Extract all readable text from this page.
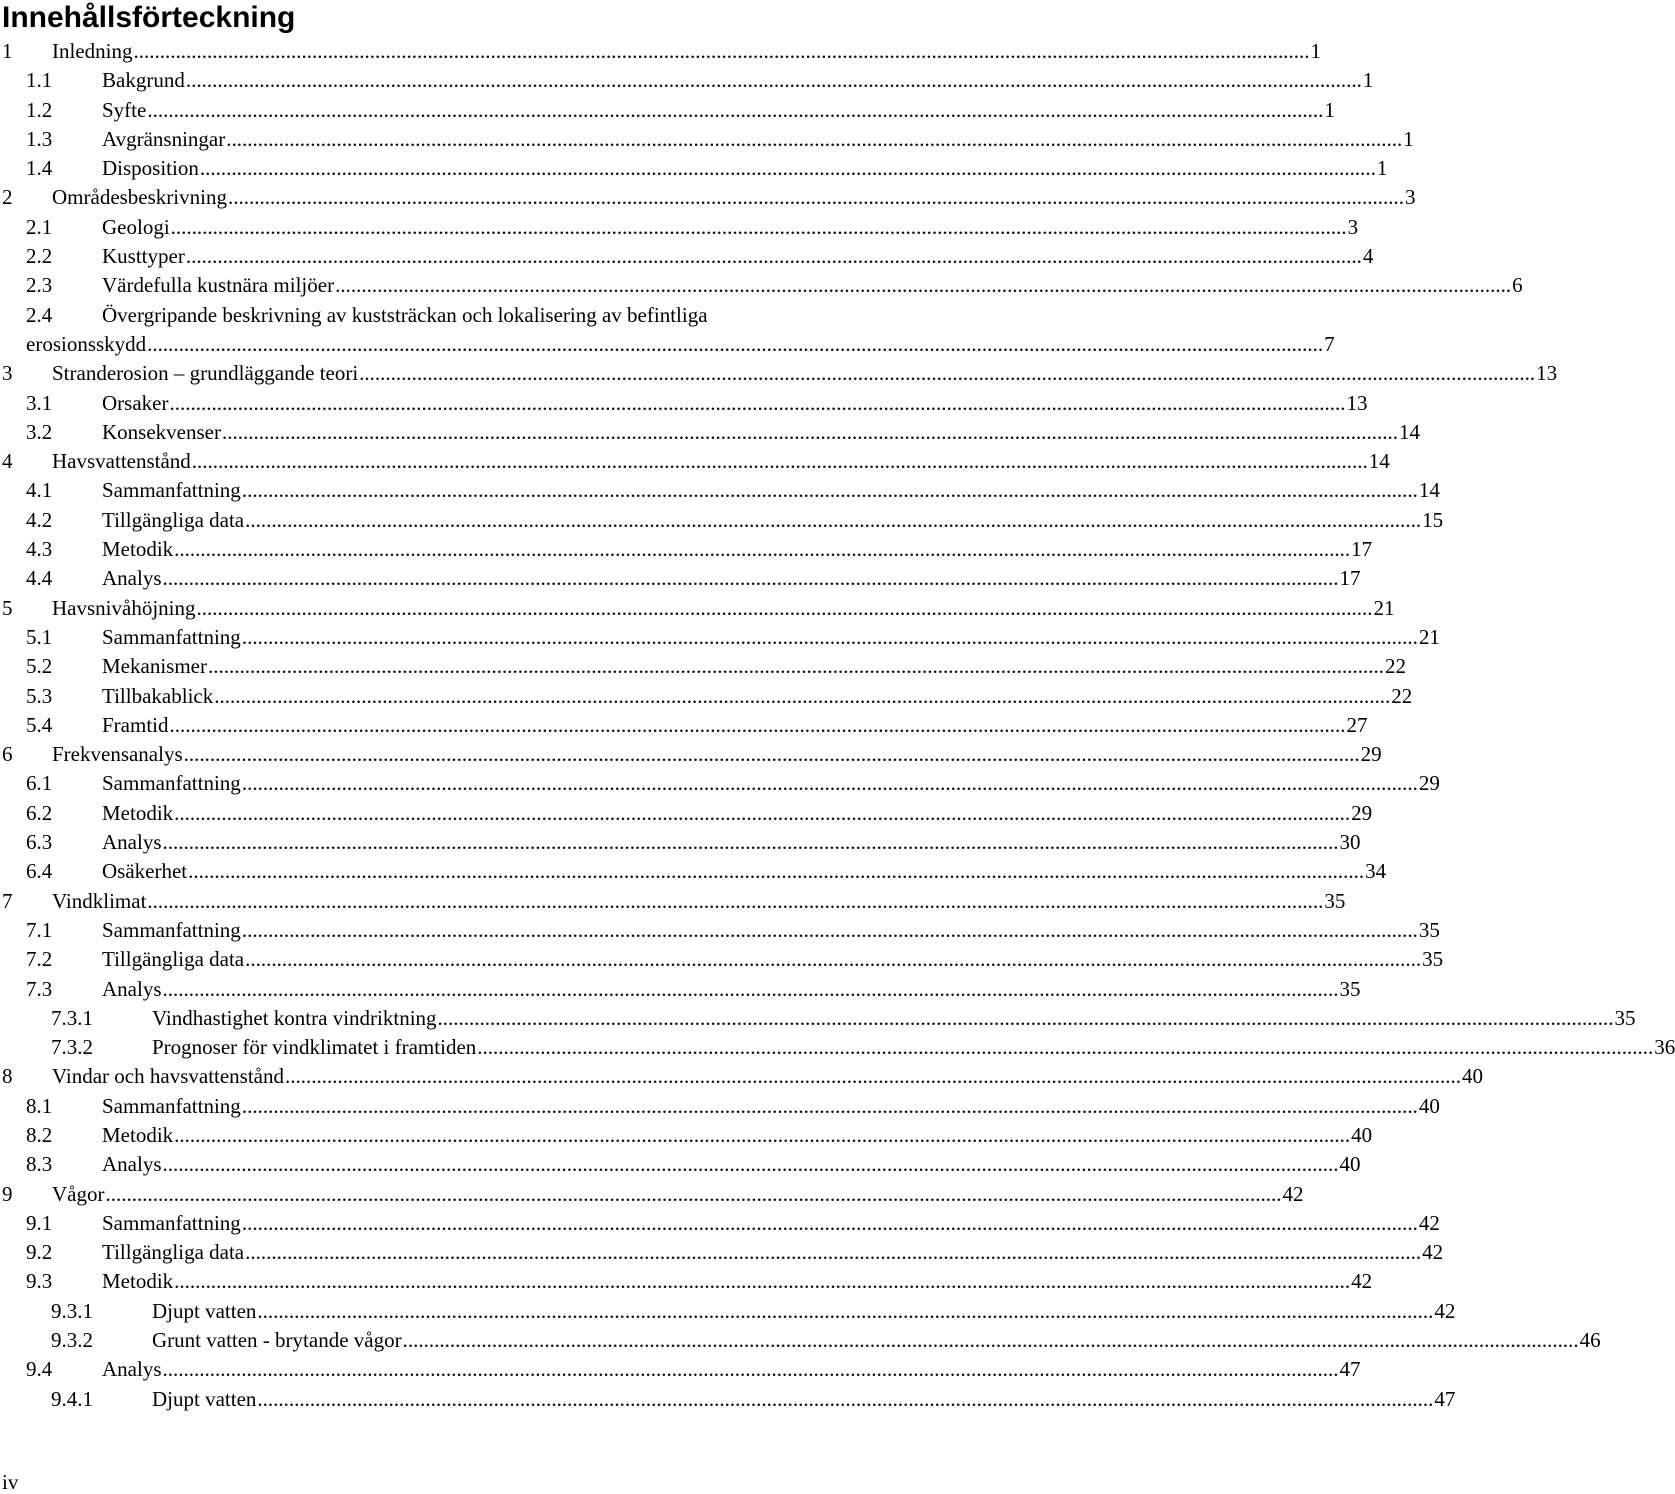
Innehållsförteckning
1 Inledning ................................................................................................................................................................................................................................ 1
1.1 Bakgrund ................................................................................................................................................................................................................................ 1
1.2 Syfte ................................................................................................................................................................................................................................ 1
1.3 Avgränsningar ................................................................................................................................................................................................................................ 1
1.4 Disposition ................................................................................................................................................................................................................................ 1
2 Områdesbeskrivning ................................................................................................................................................................................................................................ 3
2.1 Geologi ................................................................................................................................................................................................................................ 3
2.2 Kusttyper ................................................................................................................................................................................................................................ 4
2.3 Värdefulla kustnära miljöer ................................................................................................................................................................................................................................ 6
2.4 Övergripande beskrivning av kuststräckan och lokalisering av befintliga
erosionsskydd ................................................................................................................................................................................................................................ 7
3 Stranderosion – grundläggande teori ................................................................................................................................................................................................................................ 13
3.1 Orsaker ................................................................................................................................................................................................................................ 13
3.2 Konsekvenser ................................................................................................................................................................................................................................ 14
4 Havsvattenstånd ................................................................................................................................................................................................................................ 14
4.1 Sammanfattning ................................................................................................................................................................................................................................ 14
4.2 Tillgängliga data ................................................................................................................................................................................................................................ 15
4.3 Metodik ................................................................................................................................................................................................................................ 17
4.4 Analys ................................................................................................................................................................................................................................ 17
5 Havsnivåhöjning ................................................................................................................................................................................................................................ 21
5.1 Sammanfattning ................................................................................................................................................................................................................................ 21
5.2 Mekanismer ................................................................................................................................................................................................................................ 22
5.3 Tillbakablick ................................................................................................................................................................................................................................ 22
5.4 Framtid ................................................................................................................................................................................................................................ 27
6 Frekvensanalys ................................................................................................................................................................................................................................ 29
6.1 Sammanfattning ................................................................................................................................................................................................................................ 29
6.2 Metodik ................................................................................................................................................................................................................................ 29
6.3 Analys ................................................................................................................................................................................................................................ 30
6.4 Osäkerhet ................................................................................................................................................................................................................................ 34
7 Vindklimat ................................................................................................................................................................................................................................ 35
7.1 Sammanfattning ................................................................................................................................................................................................................................ 35
7.2 Tillgängliga data ................................................................................................................................................................................................................................ 35
7.3 Analys ................................................................................................................................................................................................................................ 35
7.3.1	Vindhastighet kontra vindriktning ................................................................................................................................................................................................................................ 35
7.3.2	Prognoser för vindklimatet i framtiden ................................................................................................................................................................................................................................ 36
8 Vindar och havsvattenstånd ................................................................................................................................................................................................................................ 40
8.1 Sammanfattning ................................................................................................................................................................................................................................ 40
8.2 Metodik ................................................................................................................................................................................................................................ 40
8.3 Analys ................................................................................................................................................................................................................................ 40
9 Vågor ................................................................................................................................................................................................................................ 42
9.1 Sammanfattning ................................................................................................................................................................................................................................ 42
9.2 Tillgängliga data ................................................................................................................................................................................................................................ 42
9.3 Metodik ................................................................................................................................................................................................................................ 42
9.3.1	Djupt vatten ................................................................................................................................................................................................................................ 42
9.3.2	Grunt vatten - brytande vågor ................................................................................................................................................................................................................................ 46
9.4 Analys ................................................................................................................................................................................................................................ 47
9.4.1	Djupt vatten ................................................................................................................................................................................................................................ 47
iv
